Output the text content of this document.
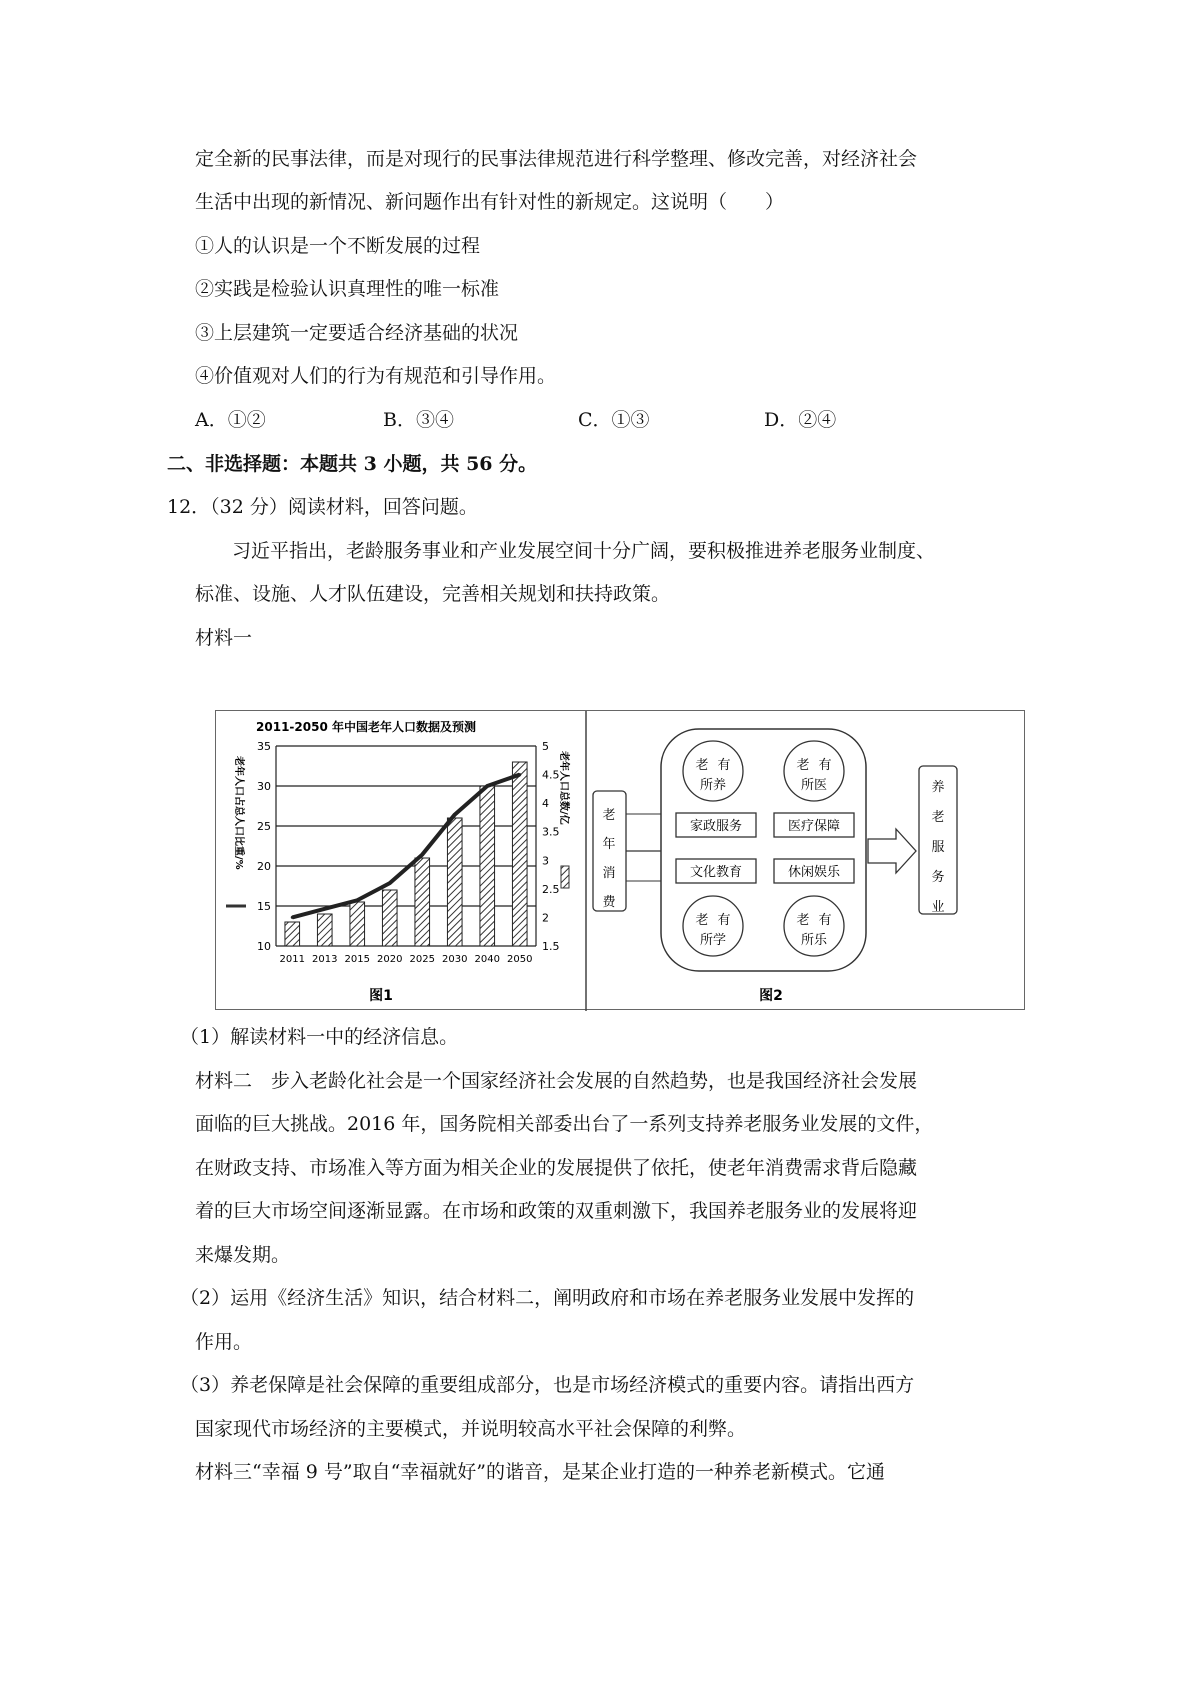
定全新的民事法律，而是对现行的民事法律规范进行科学整理、修改完善，对经济社会
生活中出现的新情况、新问题作出有针对性的新规定。这说明（　　）
①人的认识是一个不断发展的过程
②实践是检验认识真理性的唯一标准
③上层建筑一定要适合经济基础的状况
④价值观对人们的行为有规范和引导作用。
A．①②	B．③④	C．①③	D．②④
二、非选择题：本题共 3 小题，共 56 分。
12．（32 分）阅读材料，回答问题。
习近平指出，老龄服务事业和产业发展空间十分广阔，要积极推进养老服务业制度、
标准、设施、人才队伍建设，完善相关规划和扶持政策。
材料一
2011-2050 年中国老年人口数据及预测
老年人口占总人口比重/%	老年人口总数/亿
35
30
25
20
15
10
5
4.5
4
3.5
3
2.5
2
1.5
2011 2013 2015 2020 2025 2030 2040 2050
图1
老年消费
老 有
所养
老 有
所医
老 有
所学
老 有
所乐
家政服务	医疗保障
文化教育	休闲娱乐
养老服务业
图2
（1）解读材料一中的经济信息。
材料二　步入老龄化社会是一个国家经济社会发展的自然趋势，也是我国经济社会发展
面临的巨大挑战。2016 年，国务院相关部委出台了一系列支持养老服务业发展的文件，
在财政支持、市场准入等方面为相关企业的发展提供了依托，使老年消费需求背后隐藏
着的巨大市场空间逐渐显露。在市场和政策的双重刺激下，我国养老服务业的发展将迎
来爆发期。
（2）运用《经济生活》知识，结合材料二，阐明政府和市场在养老服务业发展中发挥的
作用。
（3）养老保障是社会保障的重要组成部分，也是市场经济模式的重要内容。请指出西方
国家现代市场经济的主要模式，并说明较高水平社会保障的利弊。
材料三“幸福 9 号”取自“幸福就好”的谐音，是某企业打造的一种养老新模式。它通
